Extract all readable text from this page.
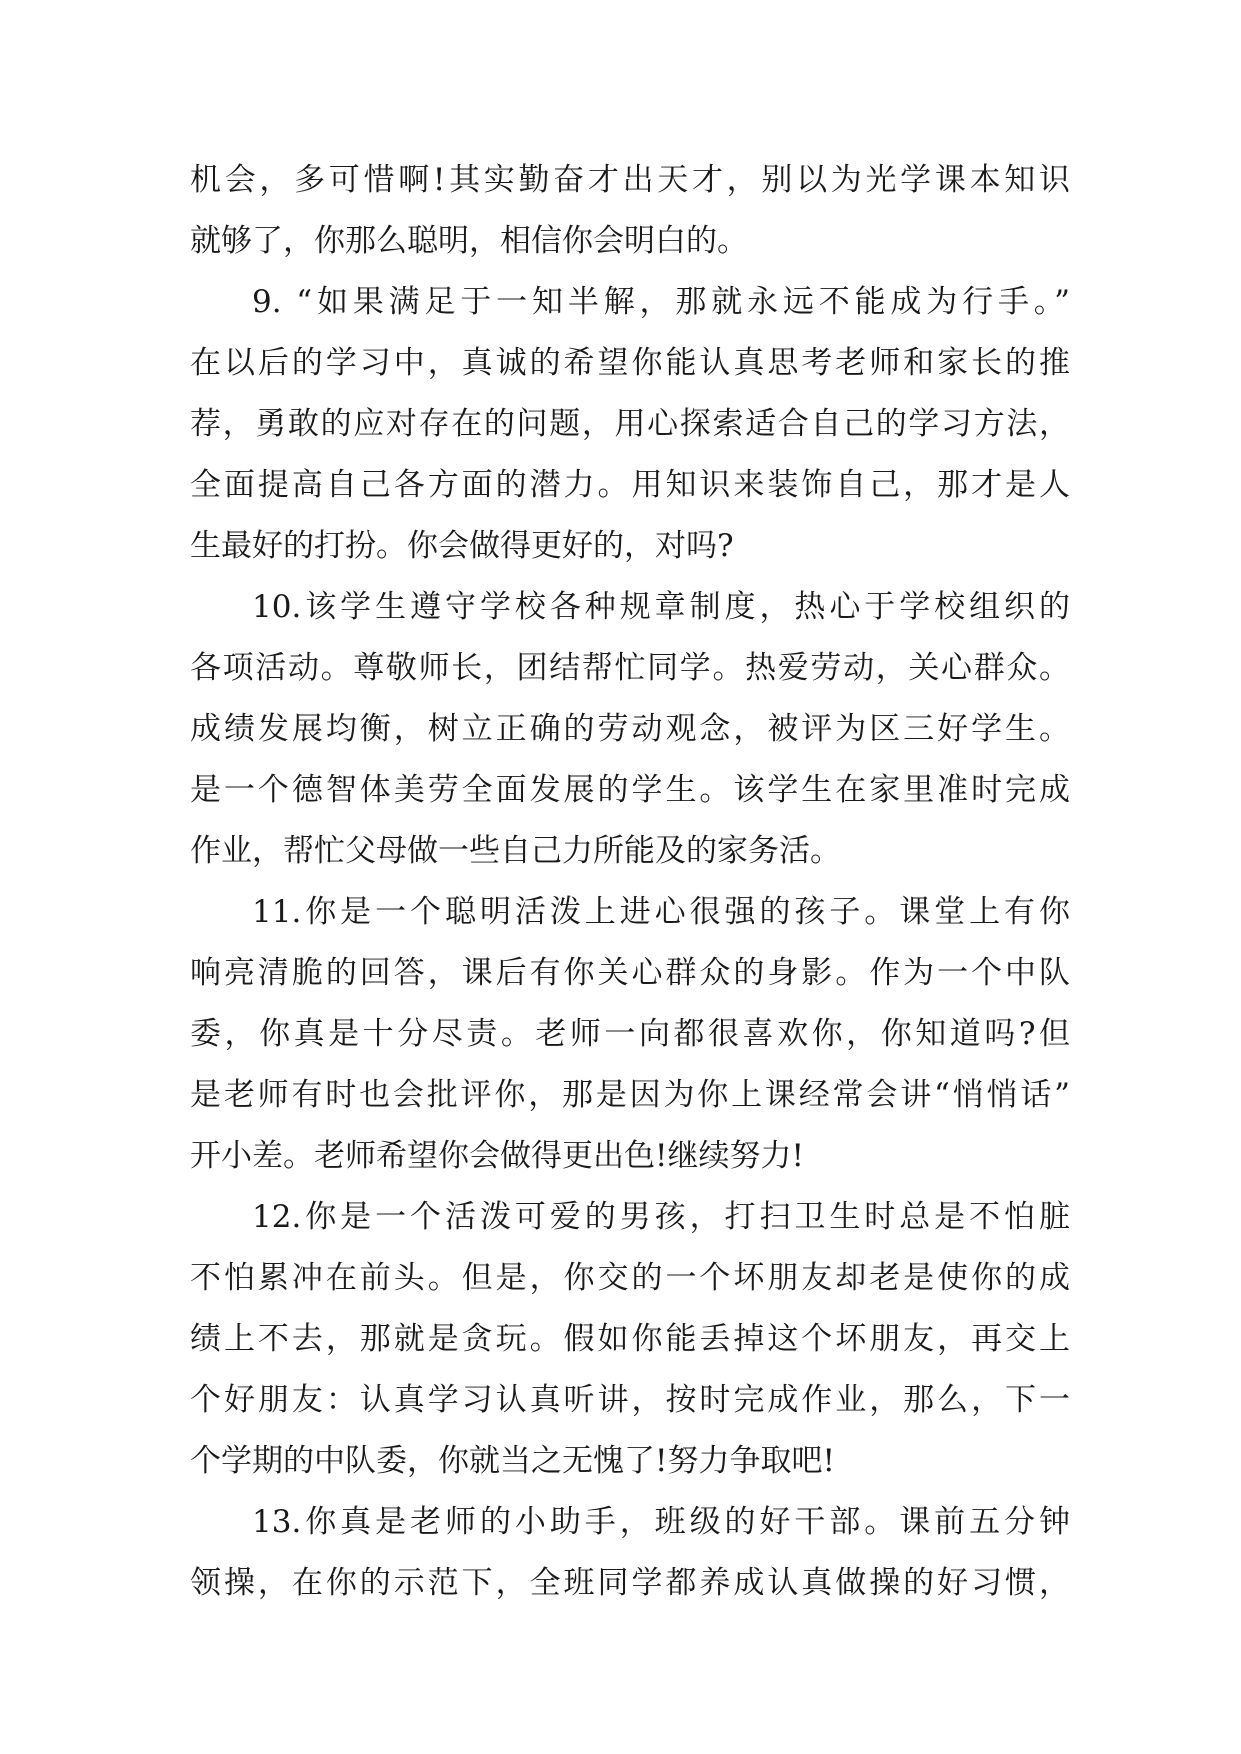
机会，多可惜啊!其实勤奋才出天才，别以为光学课本知识
就够了，你那么聪明，相信你会明白的。
9. “如果满足于一知半解，那就永远不能成为行手。”
在以后的学习中，真诚的希望你能认真思考老师和家长的推
荐，勇敢的应对存在的问题，用心探索适合自己的学习方法，
全面提高自己各方面的潜力。用知识来装饰自己，那才是人
生最好的打扮。你会做得更好的，对吗?
10.该学生遵守学校各种规章制度，热心于学校组织的
各项活动。尊敬师长，团结帮忙同学。热爱劳动，关心群众。
成绩发展均衡，树立正确的劳动观念，被评为区三好学生。
是一个德智体美劳全面发展的学生。该学生在家里准时完成
作业，帮忙父母做一些自己力所能及的家务活。
11.你是一个聪明活泼上进心很强的孩子。课堂上有你
响亮清脆的回答，课后有你关心群众的身影。作为一个中队
委，你真是十分尽责。老师一向都很喜欢你，你知道吗?但
是老师有时也会批评你，那是因为你上课经常会讲“悄悄话”
开小差。老师希望你会做得更出色!继续努力!
12.你是一个活泼可爱的男孩，打扫卫生时总是不怕脏
不怕累冲在前头。但是，你交的一个坏朋友却老是使你的成
绩上不去，那就是贪玩。假如你能丢掉这个坏朋友，再交上
个好朋友：认真学习认真听讲，按时完成作业，那么，下一
个学期的中队委，你就当之无愧了!努力争取吧!
13.你真是老师的小助手，班级的好干部。课前五分钟
领操，在你的示范下，全班同学都养成认真做操的好习惯，
